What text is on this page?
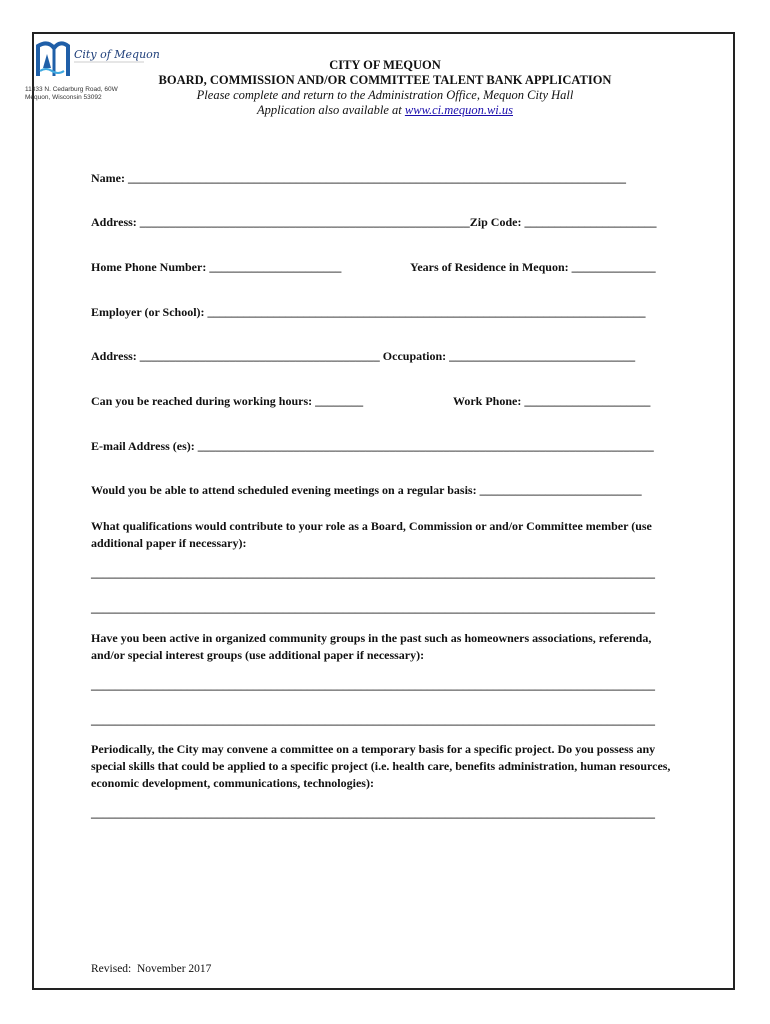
City of Mequon
11333 N. Cedarburg Road, 60W
Mequon, Wisconsin 53092
CITY OF MEQUON
BOARD, COMMISSION AND/OR COMMITTEE TALENT BANK APPLICATION
Please complete and return to the Administration Office, Mequon City Hall
Application also available at www.ci.mequon.wi.us
Name: ___________________________________________________________________________________
Address: _______________________________________________________Zip Code: ______________________
Home Phone Number: ______________________	Years of Residence in Mequon: ______________
Employer (or School): _________________________________________________________________________
Address: ________________________________________ Occupation: _______________________________
Can you be reached during working hours: ________	Work Phone: _____________________
E-mail Address (es): ____________________________________________________________________________
Would you be able to attend scheduled evening meetings on a regular basis: ___________________________
What qualifications would contribute to your role as a Board, Commission or and/or Committee member (use additional paper if necessary):
______________________________________________________________________________________________
______________________________________________________________________________________________
Have you been active in organized community groups in the past such as homeowners associations, referenda, and/or special interest groups (use additional paper if necessary):
______________________________________________________________________________________________
______________________________________________________________________________________________
Periodically, the City may convene a committee on a temporary basis for a specific project. Do you possess any special skills that could be applied to a specific project (i.e. health care, benefits administration, human resources, economic development, communications, technologies):
______________________________________________________________________________________________
Revised:  November 2017
